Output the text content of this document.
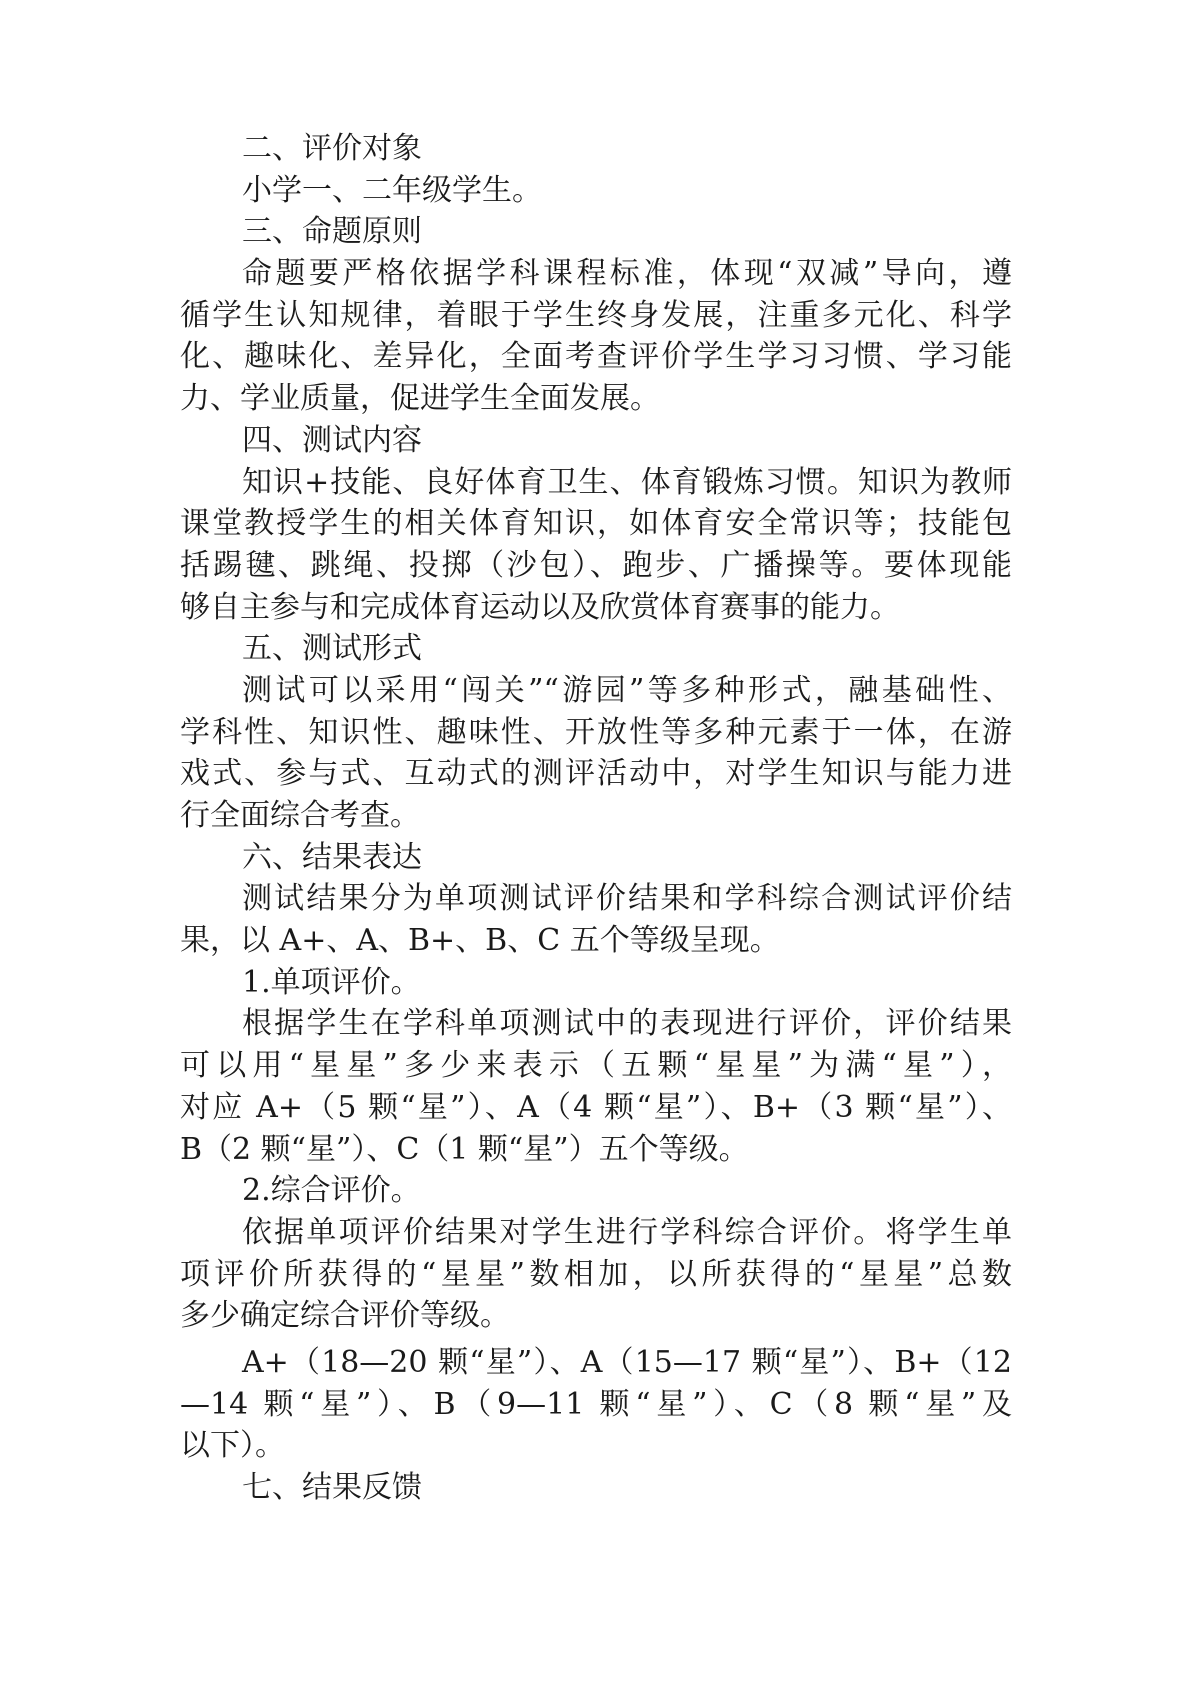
二、评价对象
小学一、二年级学生。
三、命题原则
命题要严格依据学科课程标准，体现“双减”导向，遵
循学生认知规律，着眼于学生终身发展，注重多元化、科学
化、趣味化、差异化，全面考查评价学生学习习惯、学习能
力、学业质量，促进学生全面发展。
四、测试内容
知识+技能、良好体育卫生、体育锻炼习惯。知识为教师
课堂教授学生的相关体育知识，如体育安全常识等；技能包
括踢毽、跳绳、投掷（沙包）、跑步、广播操等。要体现能
够自主参与和完成体育运动以及欣赏体育赛事的能力。
五、测试形式
测试可以采用“闯关”“游园”等多种形式，融基础性、
学科性、知识性、趣味性、开放性等多种元素于一体，在游
戏式、参与式、互动式的测评活动中，对学生知识与能力进
行全面综合考查。
六、结果表达
测试结果分为单项测试评价结果和学科综合测试评价结
果，以 A+、A、B+、B、C 五个等级呈现。
1.单项评价。
根据学生在学科单项测试中的表现进行评价，评价结果
可以用“星星”多少来表示（五颗“星星”为满“星”），
对应 A+（5 颗“星”）、A（4 颗“星”）、B+（3 颗“星”）、
B（2 颗“星”）、C（1 颗“星”）五个等级。
2.综合评价。
依据单项评价结果对学生进行学科综合评价。将学生单
项评价所获得的“星星”数相加，以所获得的“星星”总数
多少确定综合评价等级。
A+（18—20 颗“星”）、A（15—17 颗“星”）、B+（12
—14 颗“星”）、B（9—11 颗“星”）、C（8 颗“星”及
以下）。
七、结果反馈
